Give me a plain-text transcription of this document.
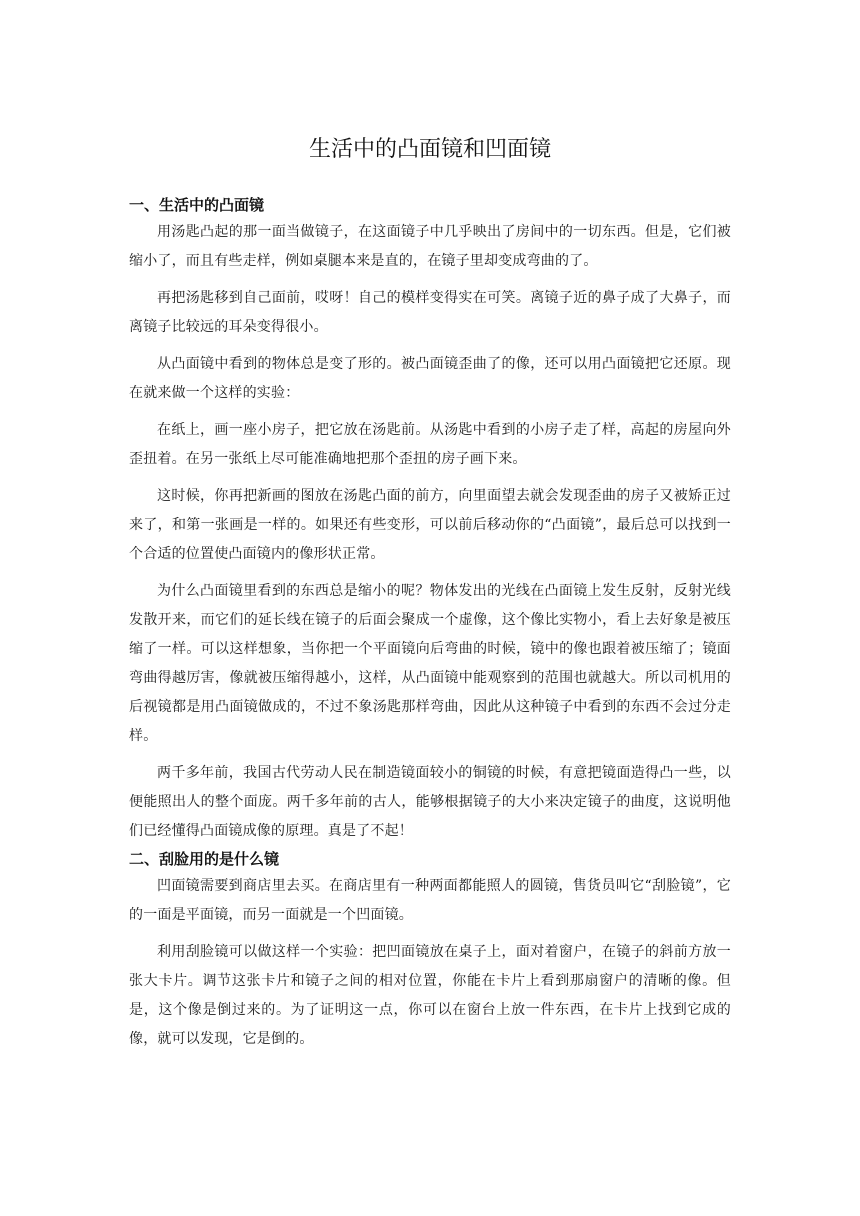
生活中的凸面镜和凹面镜
一、生活中的凸面镜

用汤匙凸起的那一面当做镜子，在这面镜子中几乎映出了房间中的一切东西。但是，它们被缩小了，而且有些走样，例如桌腿本来是直的，在镜子里却变成弯曲的了。

再把汤匙移到自己面前，哎呀！自己的模样变得实在可笑。离镜子近的鼻子成了大鼻子，而离镜子比较远的耳朵变得很小。

从凸面镜中看到的物体总是变了形的。被凸面镜歪曲了的像，还可以用凸面镜把它还原。现在就来做一个这样的实验：

在纸上，画一座小房子，把它放在汤匙前。从汤匙中看到的小房子走了样，高起的房屋向外歪扭着。在另一张纸上尽可能准确地把那个歪扭的房子画下来。

这时候，你再把新画的图放在汤匙凸面的前方，向里面望去就会发现歪曲的房子又被矫正过来了，和第一张画是一样的。如果还有些变形，可以前后移动你的“凸面镜”，最后总可以找到一个合适的位置使凸面镜内的像形状正常。

为什么凸面镜里看到的东西总是缩小的呢？物体发出的光线在凸面镜上发生反射，反射光线发散开来，而它们的延长线在镜子的后面会聚成一个虚像，这个像比实物小，看上去好象是被压缩了一样。可以这样想象，当你把一个平面镜向后弯曲的时候，镜中的像也跟着被压缩了；镜面弯曲得越厉害，像就被压缩得越小，这样，从凸面镜中能观察到的范围也就越大。所以司机用的后视镜都是用凸面镜做成的，不过不象汤匙那样弯曲，因此从这种镜子中看到的东西不会过分走样。

两千多年前，我国古代劳动人民在制造镜面较小的铜镜的时候，有意把镜面造得凸一些，以便能照出人的整个面庞。两千多年前的古人，能够根据镜子的大小来决定镜子的曲度，这说明他们已经懂得凸面镜成像的原理。真是了不起！

二、刮脸用的是什么镜

凹面镜需要到商店里去买。在商店里有一种两面都能照人的圆镜，售货员叫它“刮脸镜”，它的一面是平面镜，而另一面就是一个凹面镜。

利用刮脸镜可以做这样一个实验：把凹面镜放在桌子上，面对着窗户，在镜子的斜前方放一张大卡片。调节这张卡片和镜子之间的相对位置，你能在卡片上看到那扇窗户的清晰的像。但是，这个像是倒过来的。为了证明这一点，你可以在窗台上放一件东西，在卡片上找到它成的像，就可以发现，它是倒的。
